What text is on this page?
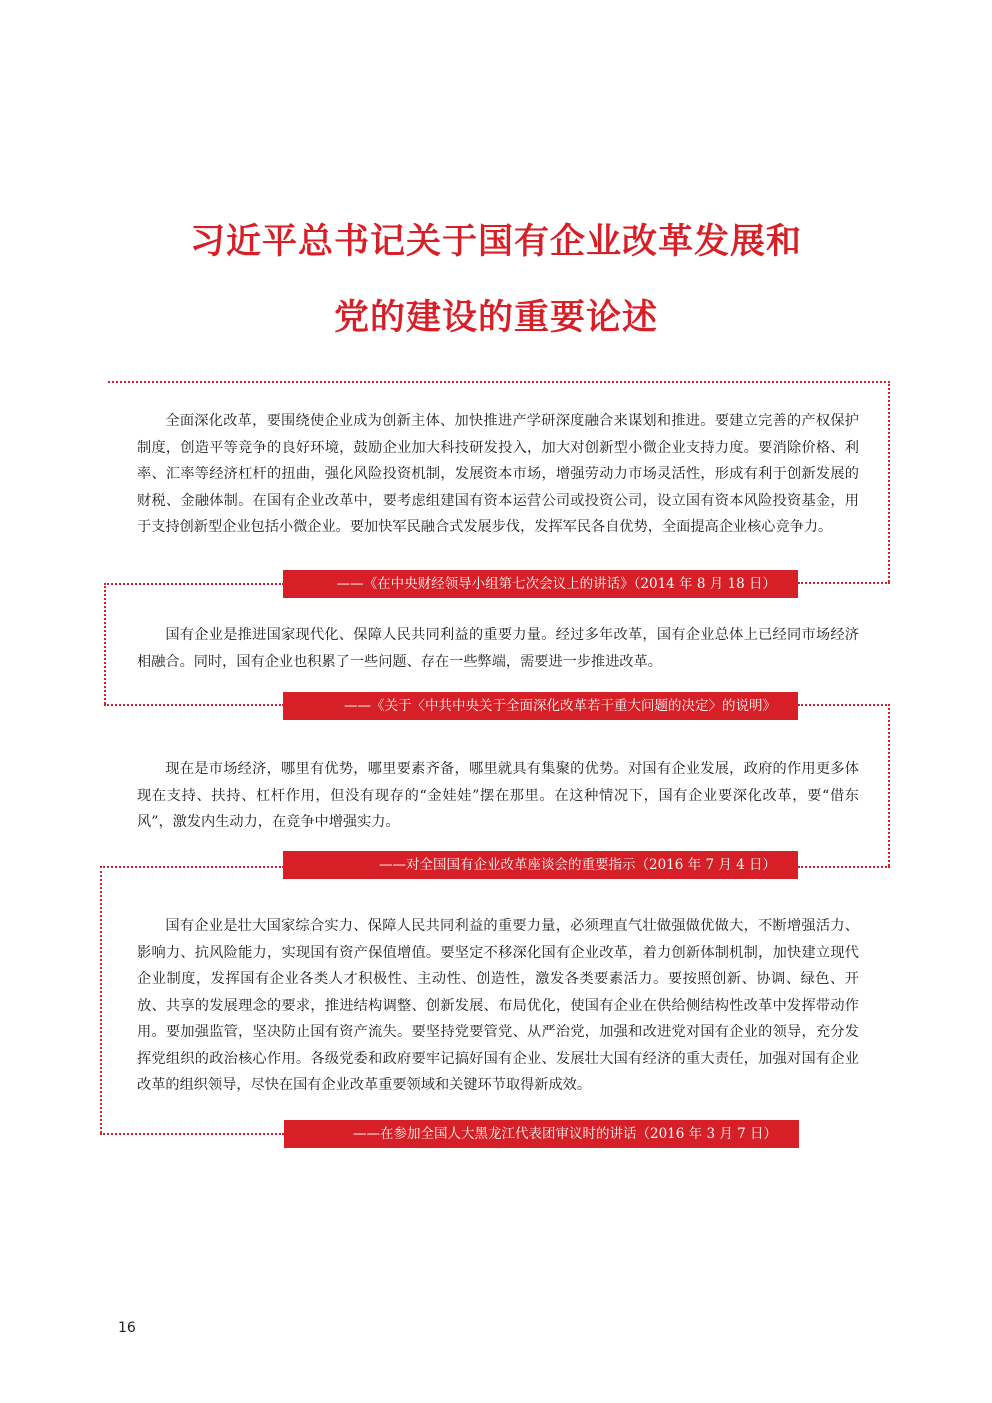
习近平总书记关于国有企业改革发展和
党的建设的重要论述

全面深化改革，要围绕使企业成为创新主体、加快推进产学研深度融合来谋划和推进。要建立完善的产权保护制度，创造平等竞争的良好环境，鼓励企业加大科技研发投入，加大对创新型小微企业支持力度。要消除价格、利率、汇率等经济杠杆的扭曲，强化风险投资机制，发展资本市场，增强劳动力市场灵活性，形成有利于创新发展的财税、金融体制。在国有企业改革中，要考虑组建国有资本运营公司或投资公司，设立国有资本风险投资基金，用于支持创新型企业包括小微企业。要加快军民融合式发展步伐，发挥军民各自优势，全面提高企业核心竞争力。

——《在中央财经领导小组第七次会议上的讲话》（2014 年 8 月 18 日）

国有企业是推进国家现代化、保障人民共同利益的重要力量。经过多年改革，国有企业总体上已经同市场经济相融合。同时，国有企业也积累了一些问题、存在一些弊端，需要进一步推进改革。

——《关于〈中共中央关于全面深化改革若干重大问题的决定〉的说明》

现在是市场经济，哪里有优势，哪里要素齐备，哪里就具有集聚的优势。对国有企业发展，政府的作用更多体现在支持、扶持、杠杆作用，但没有现存的“金娃娃”摆在那里。在这种情况下，国有企业要深化改革，要“借东风”，激发内生动力，在竞争中增强实力。

——对全国国有企业改革座谈会的重要指示（2016 年 7 月 4 日）

国有企业是壮大国家综合实力、保障人民共同利益的重要力量，必须理直气壮做强做优做大，不断增强活力、影响力、抗风险能力，实现国有资产保值增值。要坚定不移深化国有企业改革，着力创新体制机制，加快建立现代企业制度，发挥国有企业各类人才积极性、主动性、创造性，激发各类要素活力。要按照创新、协调、绿色、开放、共享的发展理念的要求，推进结构调整、创新发展、布局优化，使国有企业在供给侧结构性改革中发挥带动作用。要加强监管，坚决防止国有资产流失。要坚持党要管党、从严治党，加强和改进党对国有企业的领导，充分发挥党组织的政治核心作用。各级党委和政府要牢记搞好国有企业、发展壮大国有经济的重大责任，加强对国有企业改革的组织领导，尽快在国有企业改革重要领域和关键环节取得新成效。

——在参加全国人大黑龙江代表团审议时的讲话（2016 年 3 月 7 日）
16
